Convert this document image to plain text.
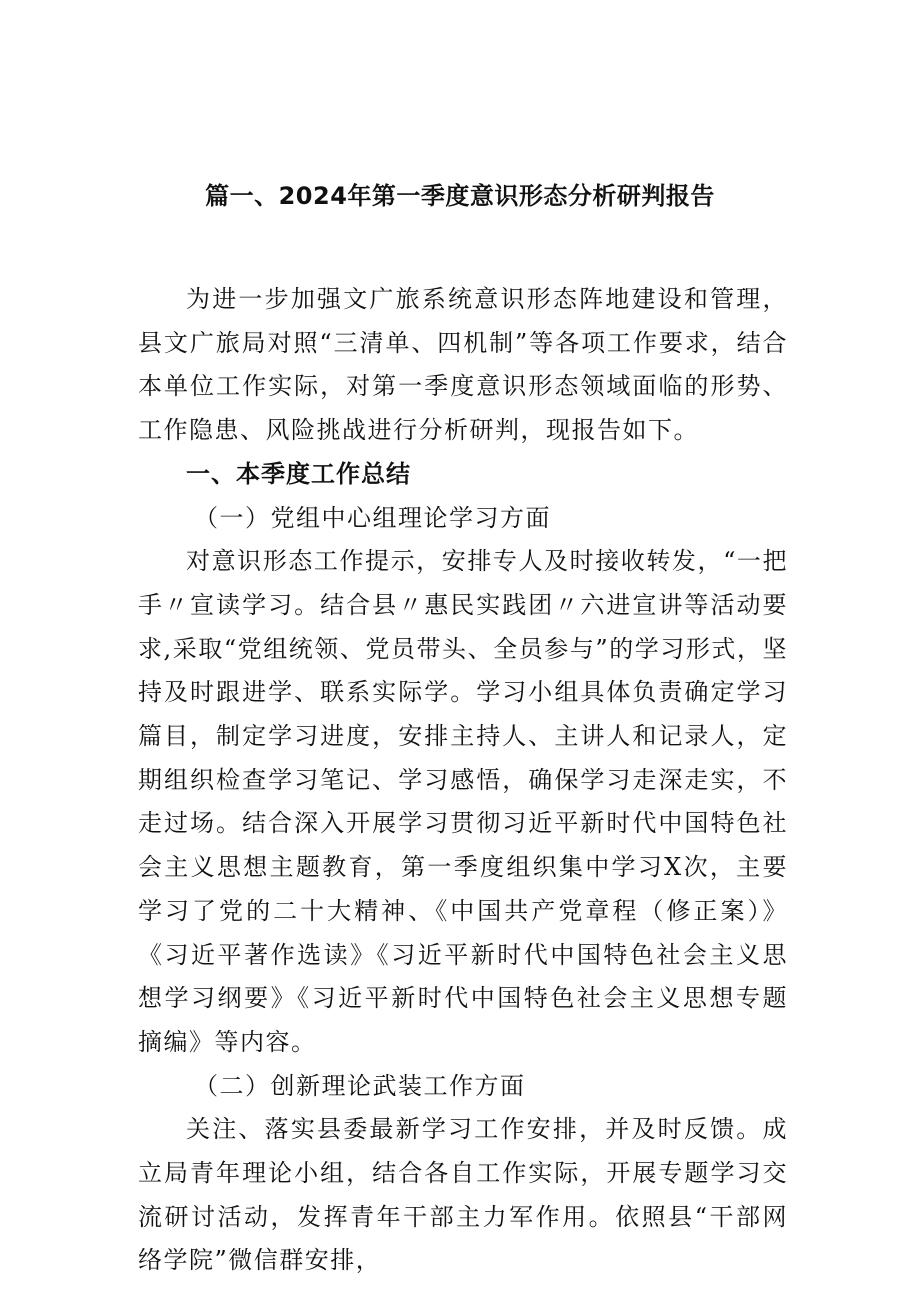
篇一、2024年第一季度意识形态分析研判报告

为进一步加强文广旅系统意识形态阵地建设和管理，县文广旅局对照“三清单、四机制”等各项工作要求，结合本单位工作实际，对第一季度意识形态领域面临的形势、工作隐患、风险挑战进行分析研判，现报告如下。

一、本季度工作总结

（一）党组中心组理论学习方面

对意识形态工作提示，安排专人及时接收转发，“一把手〃宣读学习。结合县〃惠民实践团〃六进宣讲等活动要求,采取“党组统领、党员带头、全员参与”的学习形式，坚持及时跟进学、联系实际学。学习小组具体负责确定学习篇目，制定学习进度，安排主持人、主讲人和记录人，定期组织检查学习笔记、学习感悟，确保学习走深走实，不走过场。结合深入开展学习贯彻习近平新时代中国特色社会主义思想主题教育，第一季度组织集中学习X次，主要学习了党的二十大精神、《中国共产党章程（修正案）》《习近平著作选读》《习近平新时代中国特色社会主义思想学习纲要》《习近平新时代中国特色社会主义思想专题摘编》等内容。

（二）创新理论武装工作方面

关注、落实县委最新学习工作安排，并及时反馈。成立局青年理论小组，结合各自工作实际，开展专题学习交流研讨活动，发挥青年干部主力军作用。依照县“干部网络学院”微信群安排，
